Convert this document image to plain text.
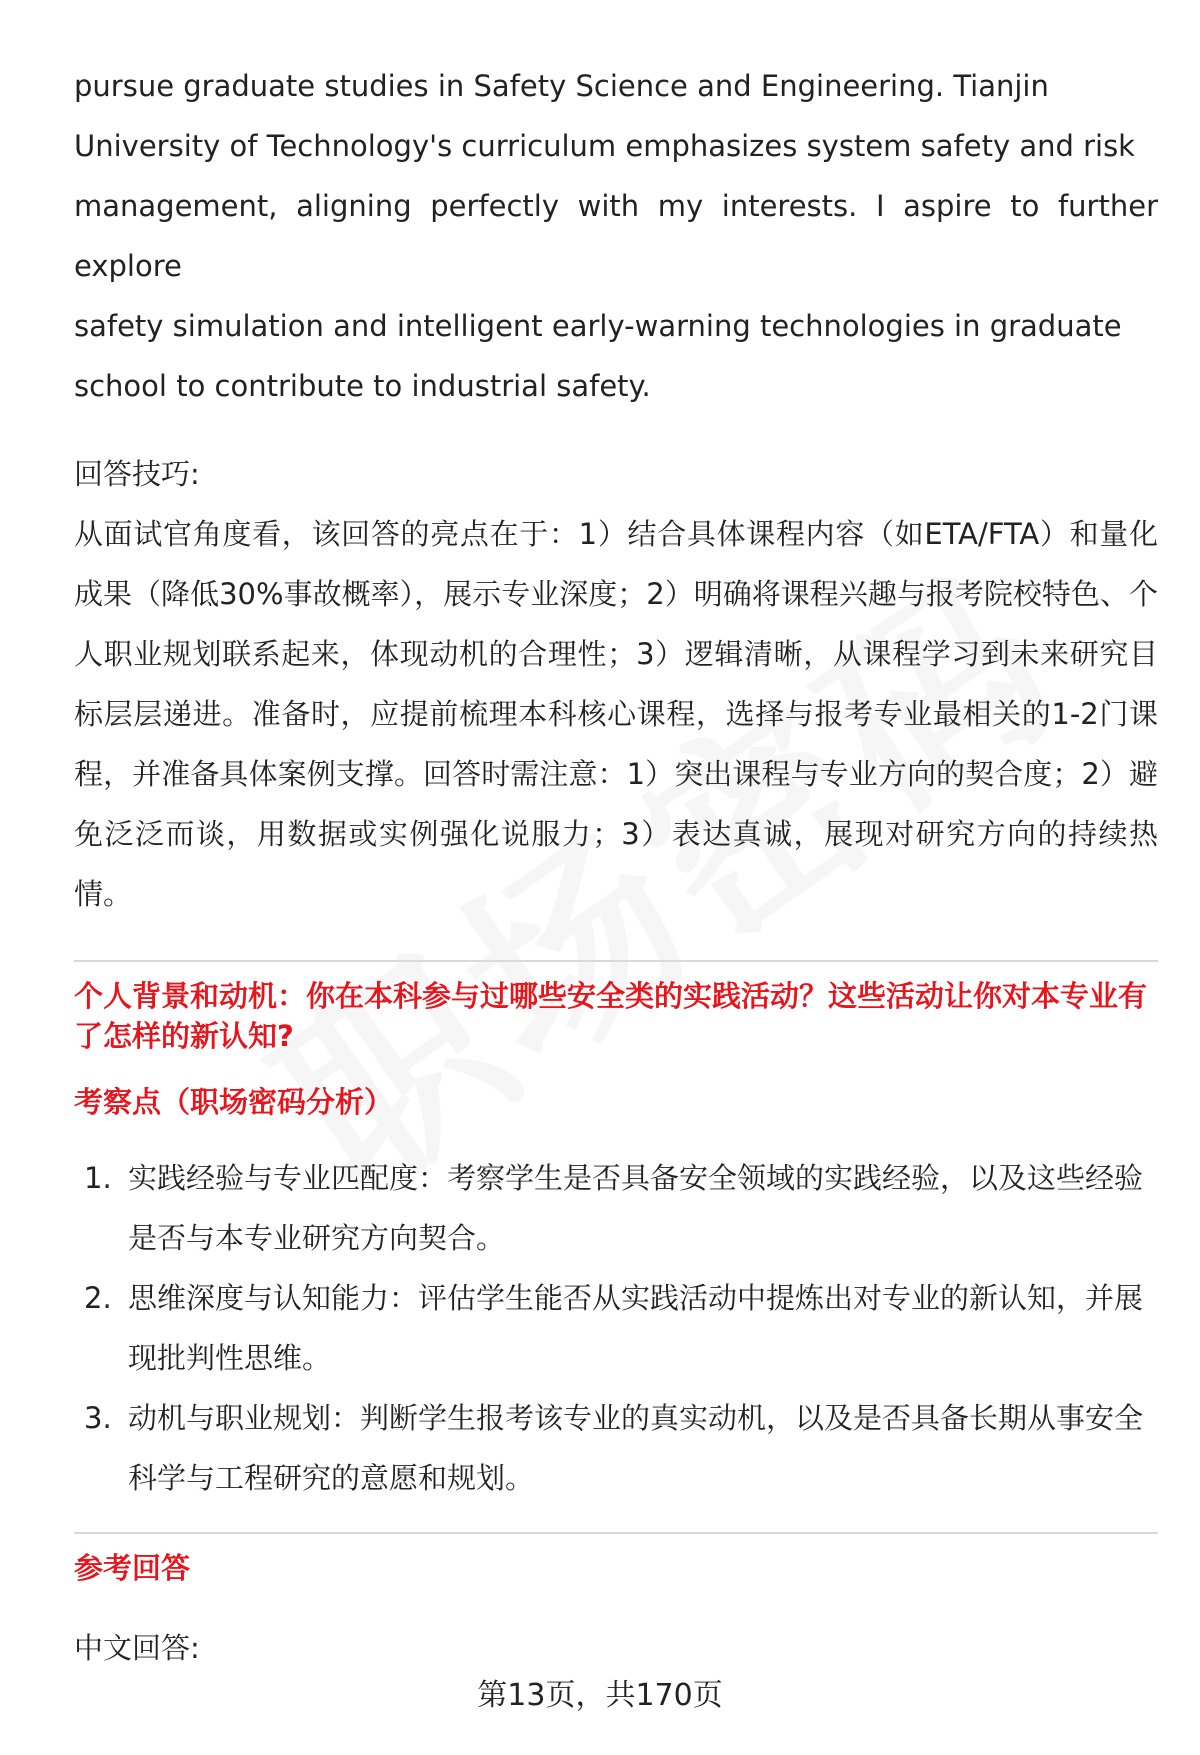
pursue graduate studies in Safety Science and Engineering. Tianjin

University of Technology's curriculum emphasizes system safety and risk

management, aligning perfectly with my interests. I aspire to further explore

safety simulation and intelligent early-warning technologies in graduate

school to contribute to industrial safety.

回答技巧:

从面试官角度看，该回答的亮点在于：1）结合具体课程内容（如ETA/FTA）和量化成果（降低30%事故概率），展示专业深度；2）明确将课程兴趣与报考院校特色、个人职业规划联系起来，体现动机的合理性；3）逻辑清晰，从课程学习到未来研究目标层层递进。准备时，应提前梳理本科核心课程，选择与报考专业最相关的1-2门课程，并准备具体案例支撑。回答时需注意：1）突出课程与专业方向的契合度；2）避免泛泛而谈，用数据或实例强化说服力；3）表达真诚，展现对研究方向的持续热情。

个人背景和动机：你在本科参与过哪些安全类的实践活动？这些活动让你对本专业有了怎样的新认知?

考察点（职场密码分析）

1. 实践经验与专业匹配度：考察学生是否具备安全领域的实践经验，以及这些经验是否与本专业研究方向契合。
2. 思维深度与认知能力：评估学生能否从实践活动中提炼出对专业的新认知，并展现批判性思维。
3. 动机与职业规划：判断学生报考该专业的真实动机，以及是否具备长期从事安全科学与工程研究的意愿和规划。

参考回答

中文回答:

第13页，共170页
